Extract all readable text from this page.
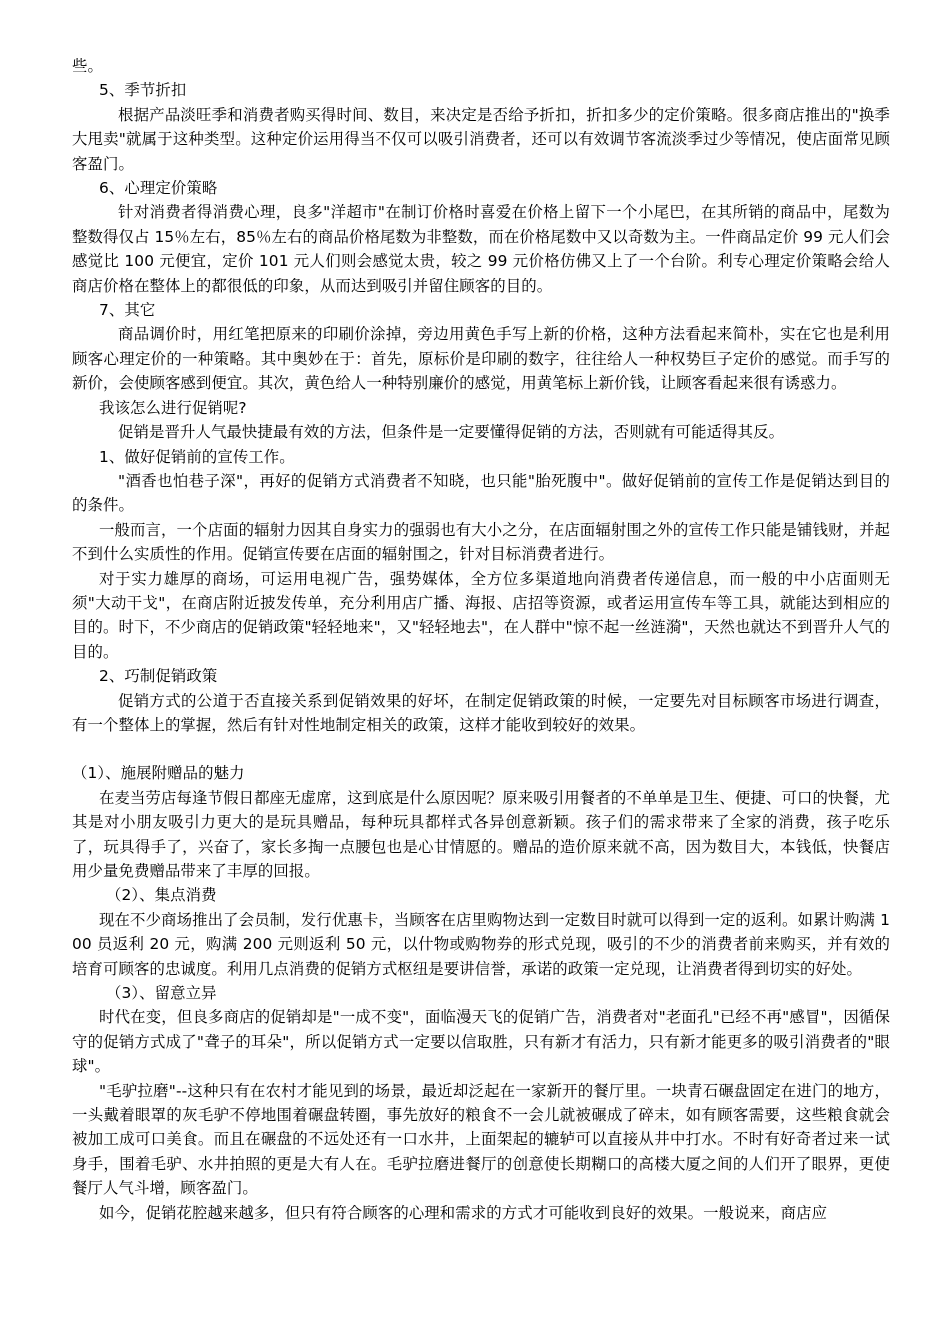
些。

5、季节折扣

根据产品淡旺季和消费者购买得时间、数目，来决定是否给予折扣，折扣多少的定价策略。很多商店推出的"换季大甩卖"就属于这种类型。这种定价运用得当不仅可以吸引消费者，还可以有效调节客流淡季过少等情况，使店面常见顾客盈门。

6、心理定价策略

针对消费者得消费心理，良多"洋超市"在制订价格时喜爱在价格上留下一个小尾巴，在其所销的商品中，尾数为整数得仅占 15％左右，85％左右的商品价格尾数为非整数，而在价格尾数中又以奇数为主。一件商品定价 99 元人们会感觉比 100 元便宜，定价 101 元人们则会感觉太贵，较之 99 元价格仿佛又上了一个台阶。利专心理定价策略会给人商店价格在整体上的都很低的印象，从而达到吸引并留住顾客的目的。

7、其它

商品调价时，用红笔把原来的印刷价涂掉，旁边用黄色手写上新的价格，这种方法看起来简朴，实在它也是利用顾客心理定价的一种策略。其中奥妙在于：首先，原标价是印刷的数字，往往给人一种权势巨子定价的感觉。而手写的新价，会使顾客感到便宜。其次，黄色给人一种特别廉价的感觉，用黄笔标上新价钱，让顾客看起来很有诱惑力。

我该怎么进行促销呢?

促销是晋升人气最快捷最有效的方法，但条件是一定要懂得促销的方法，否则就有可能适得其反。

1、做好促销前的宣传工作。

"酒香也怕巷子深"，再好的促销方式消费者不知晓，也只能"胎死腹中"。做好促销前的宣传工作是促销达到目的的条件。

一般而言，一个店面的辐射力因其自身实力的强弱也有大小之分，在店面辐射围之外的宣传工作只能是铺钱财，并起不到什么实质性的作用。促销宣传要在店面的辐射围之，针对目标消费者进行。

对于实力雄厚的商场，可运用电视广告，强势媒体，全方位多渠道地向消费者传递信息，而一般的中小店面则无须"大动干戈"，在商店附近披发传单，充分利用店广播、海报、店招等资源，或者运用宣传车等工具，就能达到相应的目的。时下，不少商店的促销政策"轻轻地来"，又"轻轻地去"，在人群中"惊不起一丝涟漪"，天然也就达不到晋升人气的目的。

2、巧制促销政策

促销方式的公道于否直接关系到促销效果的好坏，在制定促销政策的时候，一定要先对目标顾客市场进行调查，有一个整体上的掌握，然后有针对性地制定相关的政策，这样才能收到较好的效果。

（1）、施展附赠品的魅力

在麦当劳店每逢节假日都座无虚席，这到底是什么原因呢？原来吸引用餐者的不单单是卫生、便捷、可口的快餐，尤其是对小朋友吸引力更大的是玩具赠品，每种玩具都样式各异创意新颖。孩子们的需求带来了全家的消费，孩子吃乐了，玩具得手了，兴奋了，家长多掏一点腰包也是心甘情愿的。赠品的造价原来就不高，因为数目大，本钱低，快餐店用少量免费赠品带来了丰厚的回报。

（2）、集点消费

现在不少商场推出了会员制，发行优惠卡，当顾客在店里购物达到一定数目时就可以得到一定的返利。如累计购满 100 员返利 20 元，购满 200 元则返利 50 元，以什物或购物券的形式兑现，吸引的不少的消费者前来购买，并有效的培育可顾客的忠诚度。利用几点消费的促销方式枢纽是要讲信誉，承诺的政策一定兑现，让消费者得到切实的好处。

（3）、留意立异

时代在变，但良多商店的促销却是"一成不变"，面临漫天飞的促销广告，消费者对"老面孔"已经不再"感冒"，因循保守的促销方式成了"聋子的耳朵"，所以促销方式一定要以信取胜，只有新才有活力，只有新才能更多的吸引消费者的"眼球"。

"毛驴拉磨"--这种只有在农村才能见到的场景，最近却泛起在一家新开的餐厅里。一块青石碾盘固定在进门的地方，一头戴着眼罩的灰毛驴不停地围着碾盘转圈，事先放好的粮食不一会儿就被碾成了碎末，如有顾客需要，这些粮食就会被加工成可口美食。而且在碾盘的不远处还有一口水井，上面架起的辘轳可以直接从井中打水。不时有好奇者过来一试身手，围着毛驴、水井拍照的更是大有人在。毛驴拉磨进餐厅的创意使长期糊口的高楼大厦之间的人们开了眼界，更使餐厅人气斗增，顾客盈门。

如今，促销花腔越来越多，但只有符合顾客的心理和需求的方式才可能收到良好的效果。一般说来，商店应
